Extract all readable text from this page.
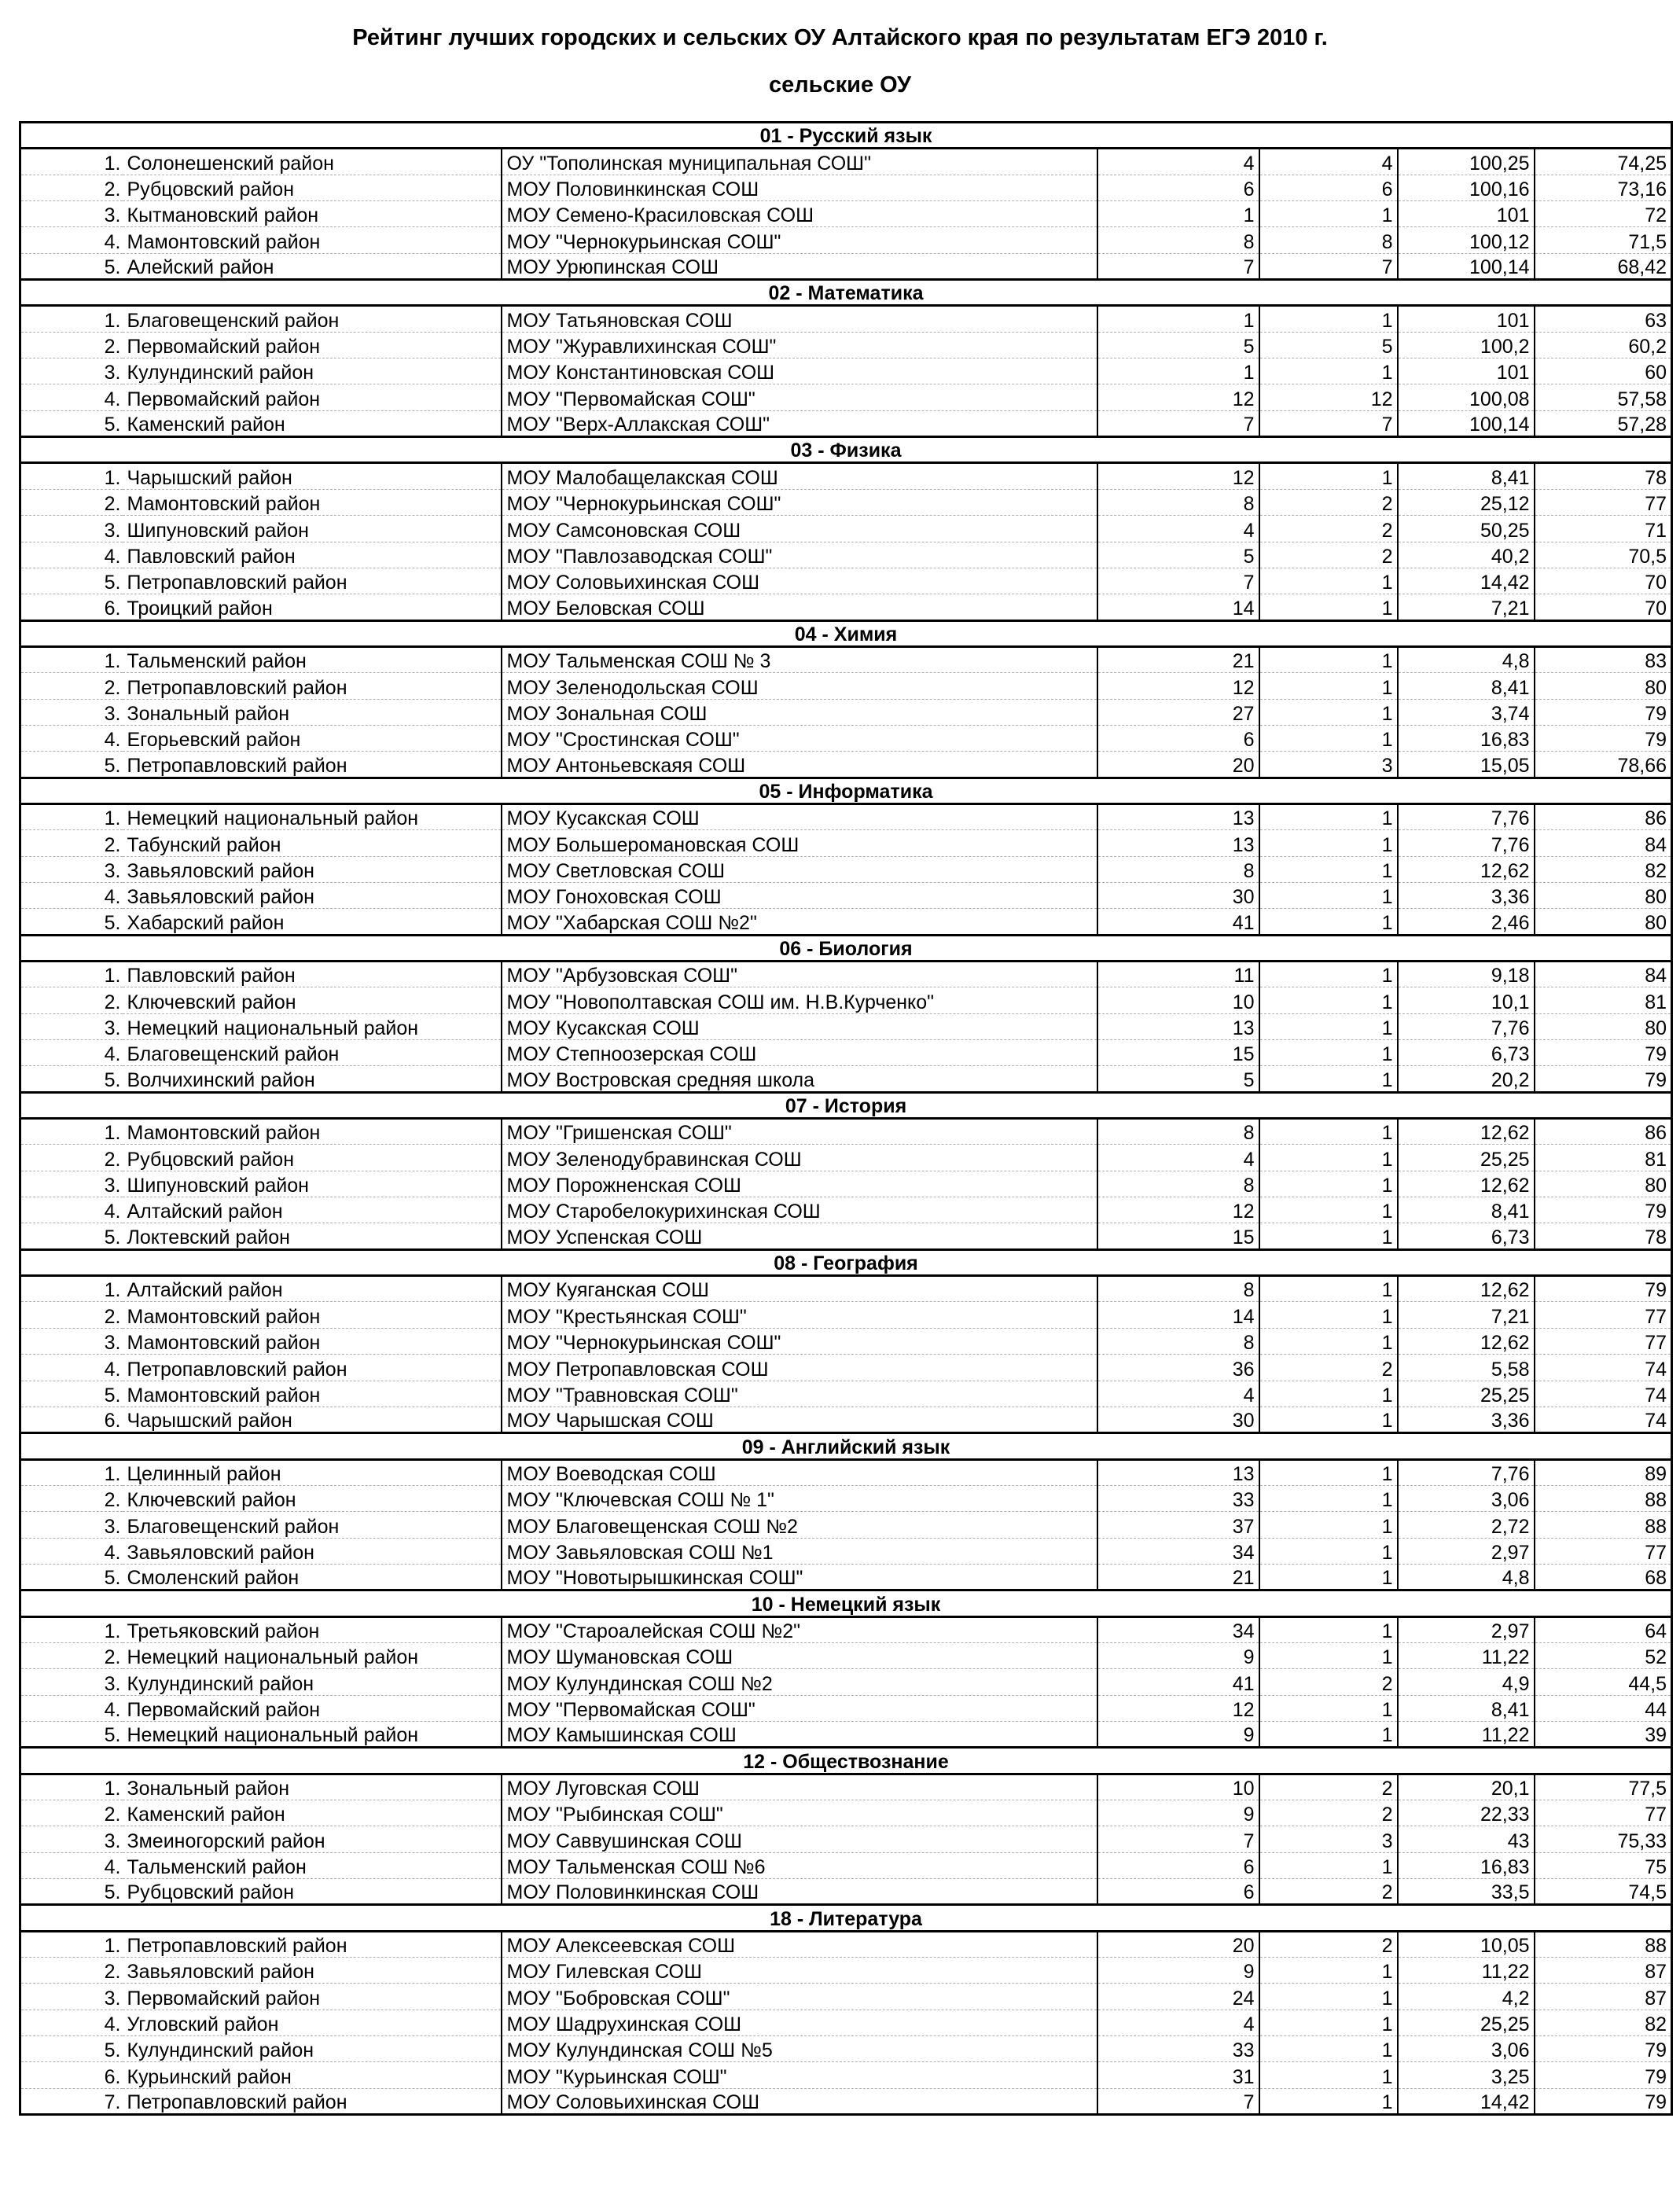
Рейтинг лучших городских и сельских ОУ Алтайского края по результатам ЕГЭ 2010 г.
сельские ОУ
01 - Русский язык						
1.	Солонешенский район	ОУ "Тополинская муниципальная СОШ"	4	4	100,25	74,25
2.	Рубцовский район	МОУ Половинкинская СОШ	6	6	100,16	73,16
3.	Кытмановский район	МОУ Семено-Красиловская СОШ	1	1	101	72
4.	Мамонтовский район	МОУ "Чернокурьинская СОШ"	8	8	100,12	71,5
5.	Алейский район	МОУ Урюпинская СОШ	7	7	100,14	68,42
02 - Математика						
1.	Благовещенский район	МОУ Татьяновская СОШ	1	1	101	63
2.	Первомайский район	МОУ "Журавлихинская СОШ"	5	5	100,2	60,2
3.	Кулундинский район	МОУ Константиновская СОШ	1	1	101	60
4.	Первомайский район	МОУ "Первомайская СОШ"	12	12	100,08	57,58
5.	Каменский район	МОУ "Верх-Аллакская СОШ"	7	7	100,14	57,28
03 - Физика						
1.	Чарышский район	МОУ Малобащелакская СОШ	12	1	8,41	78
2.	Мамонтовский район	МОУ "Чернокурьинская СОШ"	8	2	25,12	77
3.	Шипуновский район	МОУ Самсоновская СОШ	4	2	50,25	71
4.	Павловский район	МОУ "Павлозаводская СОШ"	5	2	40,2	70,5
5.	Петропавловский район	МОУ Соловьихинская СОШ	7	1	14,42	70
6.	Троицкий район	МОУ Беловская СОШ	14	1	7,21	70
04 - Химия						
1.	Тальменский район	МОУ Тальменская СОШ № 3	21	1	4,8	83
2.	Петропавловский район	МОУ Зеленодольская СОШ	12	1	8,41	80
3.	Зональный район	МОУ Зональная СОШ	27	1	3,74	79
4.	Егорьевский район	МОУ "Сростинская СОШ"	6	1	16,83	79
5.	Петропавловский район	МОУ Антоньевскаяя СОШ	20	3	15,05	78,66
05 - Информатика						
1.	Немецкий национальный район	МОУ Кусакская СОШ	13	1	7,76	86
2.	Табунский район	МОУ Большеромановская СОШ	13	1	7,76	84
3.	Завьяловский район	МОУ Светловская СОШ	8	1	12,62	82
4.	Завьяловский район	МОУ Гоноховская СОШ	30	1	3,36	80
5.	Хабарский район	МОУ "Хабарская СОШ №2"	41	1	2,46	80
06 - Биология						
1.	Павловский район	МОУ "Арбузовская СОШ"	11	1	9,18	84
2.	Ключевский район	МОУ "Новополтавская СОШ им. Н.В.Курченко"	10	1	10,1	81
3.	Немецкий национальный район	МОУ Кусакская СОШ	13	1	7,76	80
4.	Благовещенский район	МОУ Степноозерская СОШ	15	1	6,73	79
5.	Волчихинский район	МОУ Востровская средняя школа	5	1	20,2	79
07 - История						
1.	Мамонтовский район	МОУ "Гришенская СОШ"	8	1	12,62	86
2.	Рубцовский район	МОУ Зеленодубравинская СОШ	4	1	25,25	81
3.	Шипуновский район	МОУ Порожненская СОШ	8	1	12,62	80
4.	Алтайский район	МОУ Старобелокурихинская СОШ	12	1	8,41	79
5.	Локтевский район	МОУ Успенская СОШ	15	1	6,73	78
08 - География						
1.	Алтайский район	МОУ Куяганская СОШ	8	1	12,62	79
2.	Мамонтовский район	МОУ "Крестьянская СОШ"	14	1	7,21	77
3.	Мамонтовский район	МОУ "Чернокурьинская СОШ"	8	1	12,62	77
4.	Петропавловский район	МОУ Петропавловская СОШ	36	2	5,58	74
5.	Мамонтовский район	МОУ "Травновская СОШ"	4	1	25,25	74
6.	Чарышский район	МОУ Чарышская СОШ	30	1	3,36	74
09 - Английский язык						
1.	Целинный район	МОУ Воеводская СОШ	13	1	7,76	89
2.	Ключевский район	МОУ "Ключевская СОШ № 1"	33	1	3,06	88
3.	Благовещенский район	МОУ Благовещенская СОШ №2	37	1	2,72	88
4.	Завьяловский район	МОУ Завьяловская СОШ №1	34	1	2,97	77
5.	Смоленский район	МОУ "Новотырышкинская СОШ"	21	1	4,8	68
10 - Немецкий язык						
1.	Третьяковский район	МОУ "Староалейская СОШ №2"	34	1	2,97	64
2.	Немецкий национальный район	МОУ Шумановская СОШ	9	1	11,22	52
3.	Кулундинский район	МОУ Кулундинская СОШ №2	41	2	4,9	44,5
4.	Первомайский район	МОУ "Первомайская СОШ"	12	1	8,41	44
5.	Немецкий национальный район	МОУ Камышинская СОШ	9	1	11,22	39
12 - Обществознание						
1.	Зональный район	МОУ Луговская СОШ	10	2	20,1	77,5
2.	Каменский район	МОУ "Рыбинская СОШ"	9	2	22,33	77
3.	Змеиногорский район	МОУ Саввушинская СОШ	7	3	43	75,33
4.	Тальменский район	МОУ Тальменская СОШ №6	6	1	16,83	75
5.	Рубцовский район	МОУ Половинкинская СОШ	6	2	33,5	74,5
18 - Литература						
1.	Петропавловский район	МОУ Алексеевская СОШ	20	2	10,05	88
2.	Завьяловский район	МОУ Гилевская СОШ	9	1	11,22	87
3.	Первомайский район	МОУ "Бобровская СОШ"	24	1	4,2	87
4.	Угловский район	МОУ Шадрухинская СОШ	4	1	25,25	82
5.	Кулундинский район	МОУ Кулундинская СОШ №5	33	1	3,06	79
6.	Курьинский район	МОУ "Курьинская СОШ"	31	1	3,25	79
7.	Петропавловский район	МОУ Соловьихинская СОШ	7	1	14,42	79
